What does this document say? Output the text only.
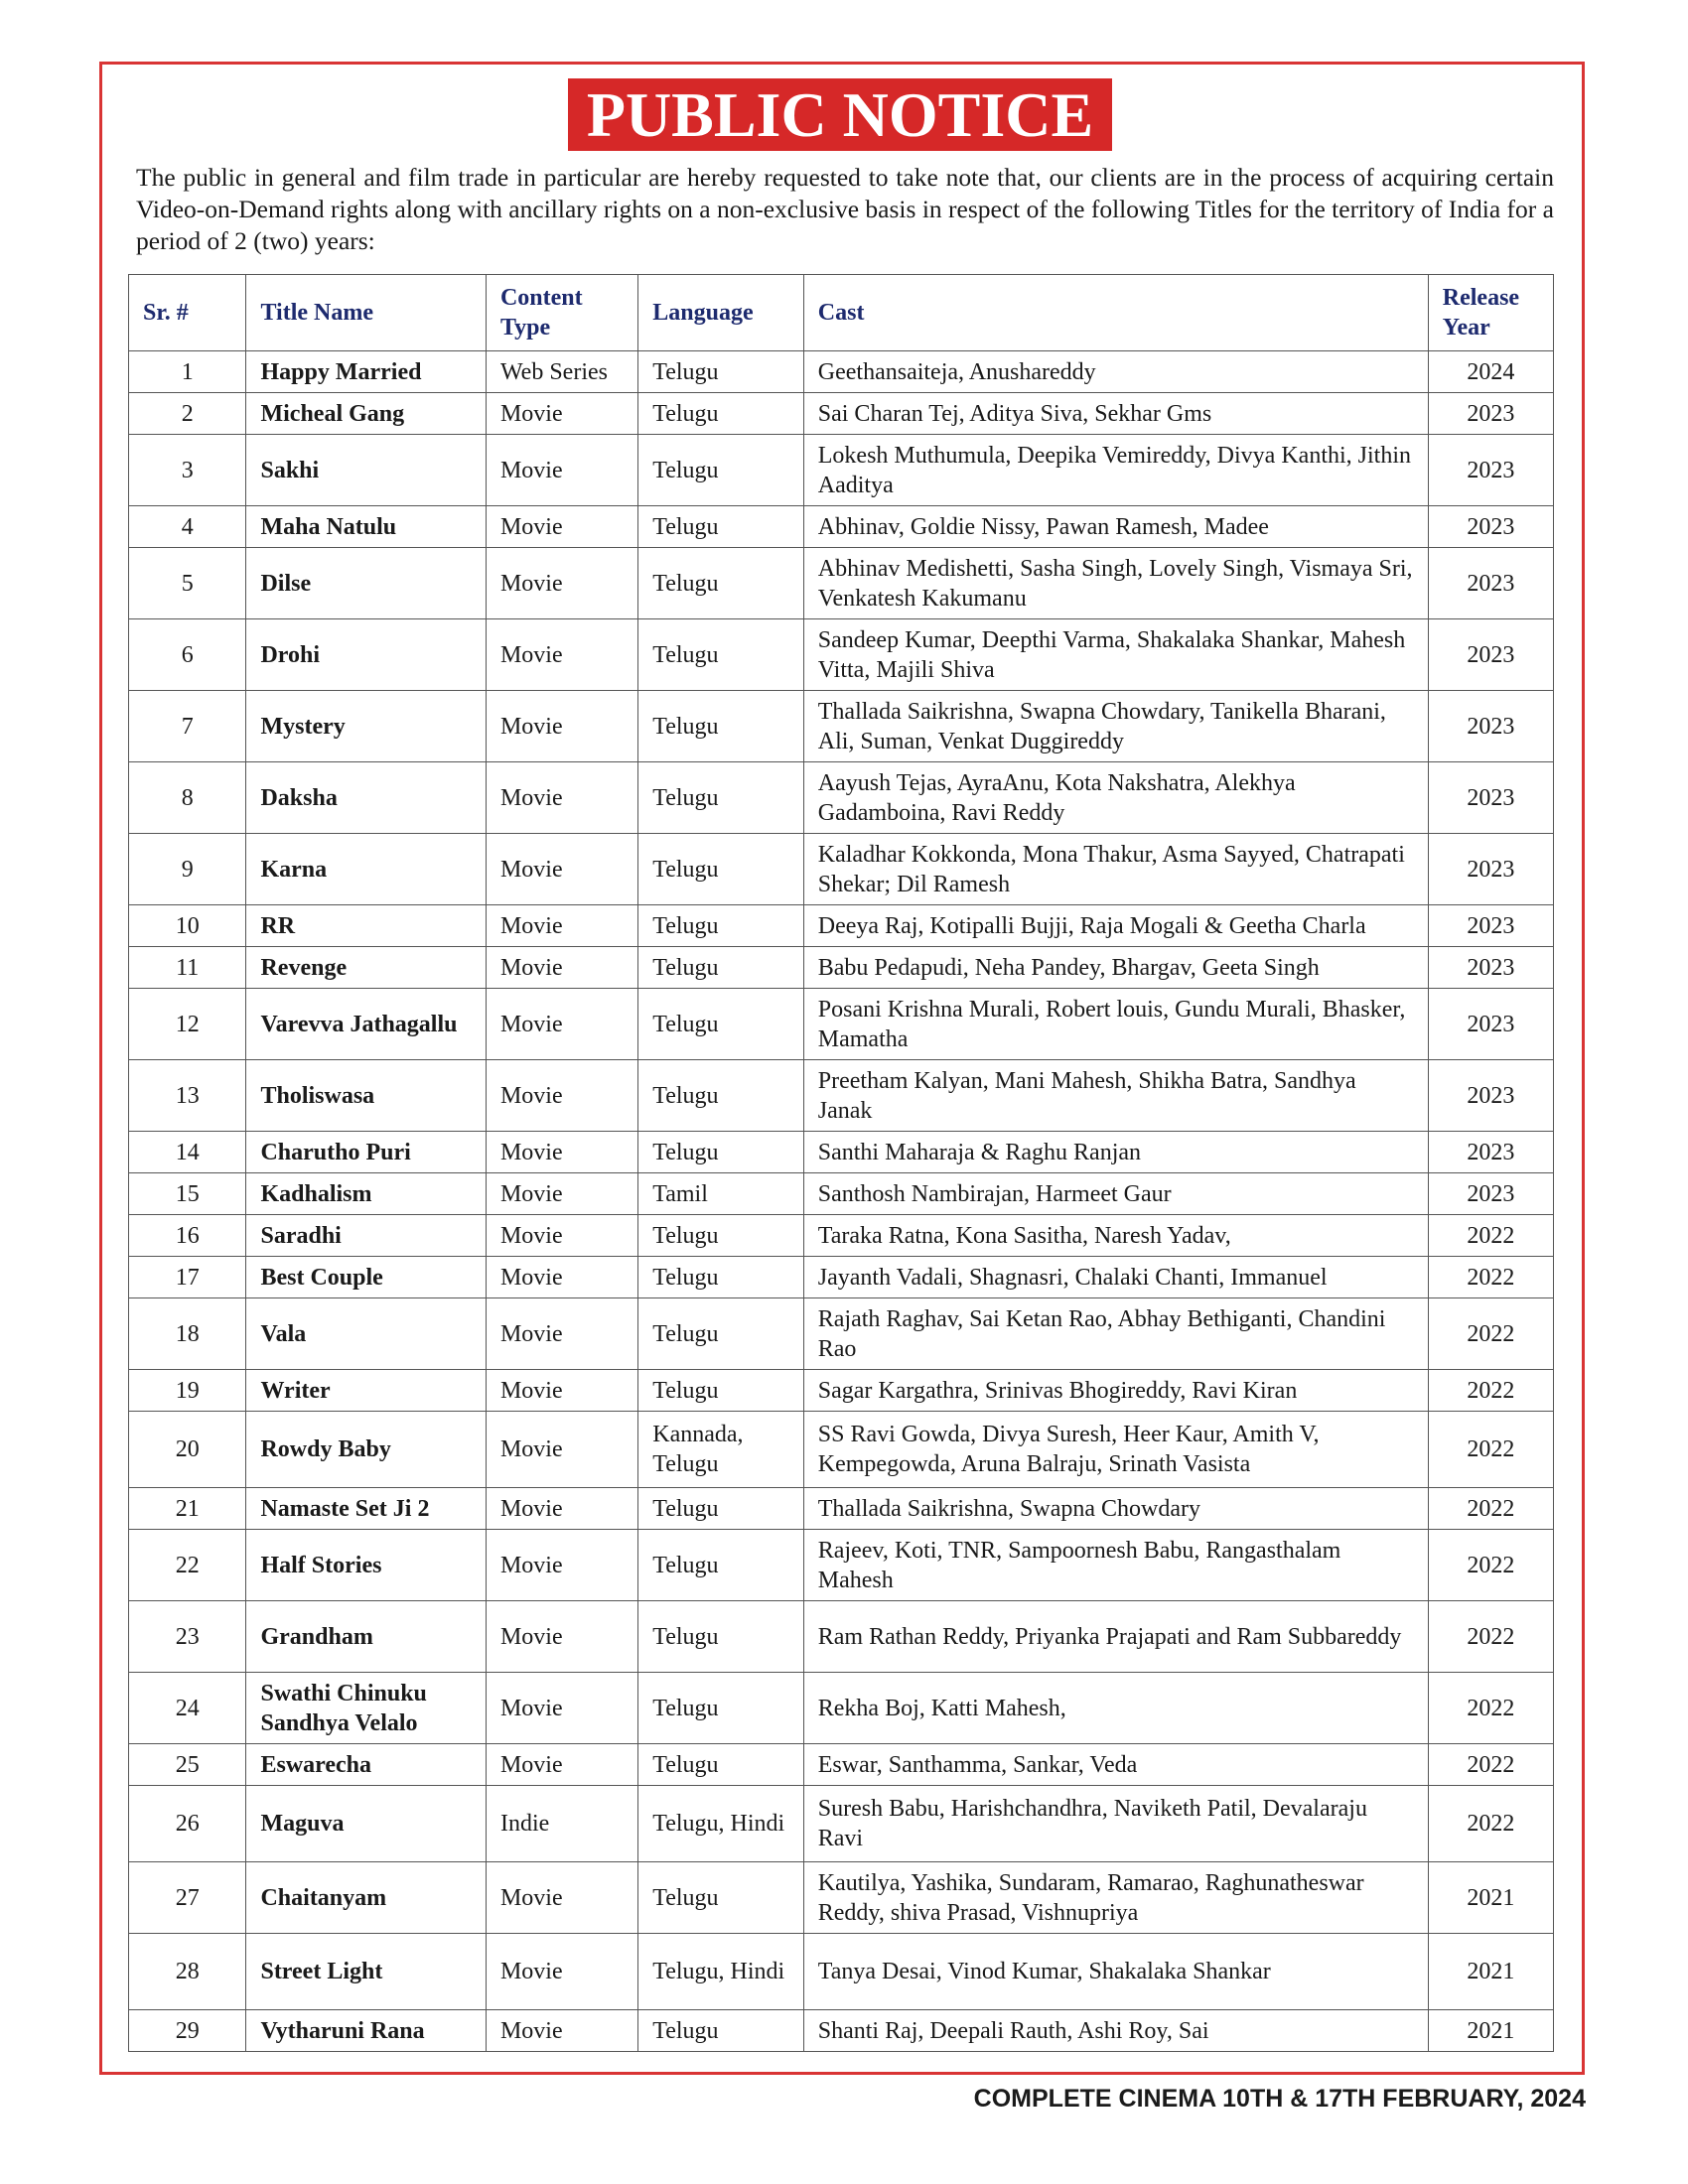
PUBLIC NOTICE
The public in general and film trade in particular are hereby requested to take note that, our clients are in the process of acquiring certain Video-on-Demand rights along with ancillary rights on a non-exclusive basis in respect of the following Titles for the territory of India for a period of 2 (two) years:
Sr. #	Title Name	Content Type	Language	Cast	Release Year
1	Happy Married	Web Series	Telugu	Geethansaiteja, Anushareddy	2024
2	Micheal Gang	Movie	Telugu	Sai Charan Tej, Aditya Siva, Sekhar Gms	2023
3	Sakhi	Movie	Telugu	Lokesh Muthumula, Deepika Vemireddy, Divya Kanthi, Jithin Aaditya	2023
4	Maha Natulu	Movie	Telugu	Abhinav, Goldie Nissy, Pawan Ramesh, Madee	2023
5	Dilse	Movie	Telugu	Abhinav Medishetti, Sasha Singh, Lovely Singh, Vismaya Sri, Venkatesh Kakumanu	2023
6	Drohi	Movie	Telugu	Sandeep Kumar, Deepthi Varma, Shakalaka Shankar, Mahesh Vitta, Majili Shiva	2023
7	Mystery	Movie	Telugu	Thallada Saikrishna, Swapna Chowdary, Tanikella Bharani, Ali, Suman, Venkat Duggireddy	2023
8	Daksha	Movie	Telugu	Aayush Tejas, AyraAnu, Kota Nakshatra, Alekhya Gadamboina, Ravi Reddy	2023
9	Karna	Movie	Telugu	Kaladhar Kokkonda, Mona Thakur, Asma Sayyed, Chatrapati Shekar; Dil Ramesh	2023
10	RR	Movie	Telugu	Deeya Raj, Kotipalli Bujji, Raja Mogali & Geetha Charla	2023
11	Revenge	Movie	Telugu	Babu Pedapudi, Neha Pandey, Bhargav, Geeta Singh	2023
12	Varevva Jathagallu	Movie	Telugu	Posani Krishna Murali, Robert louis, Gundu Murali, Bhasker, Mamatha	2023
13	Tholiswasa	Movie	Telugu	Preetham Kalyan, Mani Mahesh, Shikha Batra, Sandhya Janak	2023
14	Charutho Puri	Movie	Telugu	Santhi Maharaja & Raghu Ranjan	2023
15	Kadhalism	Movie	Tamil	Santhosh Nambirajan, Harmeet Gaur	2023
16	Saradhi	Movie	Telugu	Taraka Ratna, Kona Sasitha, Naresh Yadav,	2022
17	Best Couple	Movie	Telugu	Jayanth Vadali, Shagnasri, Chalaki Chanti, Immanuel	2022
18	Vala	Movie	Telugu	Rajath Raghav, Sai Ketan Rao, Abhay Bethiganti, Chandini Rao	2022
19	Writer	Movie	Telugu	Sagar Kargathra, Srinivas Bhogireddy, Ravi Kiran	2022
20	Rowdy Baby	Movie	Kannada, Telugu	SS Ravi Gowda, Divya Suresh, Heer Kaur, Amith V, Kempegowda, Aruna Balraju, Srinath Vasista	2022
21	Namaste Set Ji 2	Movie	Telugu	Thallada Saikrishna, Swapna Chowdary	2022
22	Half Stories	Movie	Telugu	Rajeev, Koti, TNR, Sampoornesh Babu, Rangasthalam Mahesh	2022
23	Grandham	Movie	Telugu	Ram Rathan Reddy, Priyanka Prajapati and Ram Subbareddy	2022
24	Swathi Chinuku Sandhya Velalo	Movie	Telugu	Rekha Boj, Katti Mahesh,	2022
25	Eswarecha	Movie	Telugu	Eswar, Santhamma, Sankar, Veda	2022
26	Maguva	Indie	Telugu, Hindi	Suresh Babu, Harishchandhra, Naviketh Patil, Devalaraju Ravi	2022
27	Chaitanyam	Movie	Telugu	Kautilya, Yashika, Sundaram, Ramarao, Raghunatheswar Reddy, shiva Prasad, Vishnupriya	2021
28	Street Light	Movie	Telugu, Hindi	Tanya Desai, Vinod Kumar, Shakalaka Shankar	2021
29	Vytharuni Rana	Movie	Telugu	Shanti Raj, Deepali Rauth, Ashi Roy, Sai	2021
COMPLETE CINEMA 10TH & 17TH FEBRUARY, 2024
